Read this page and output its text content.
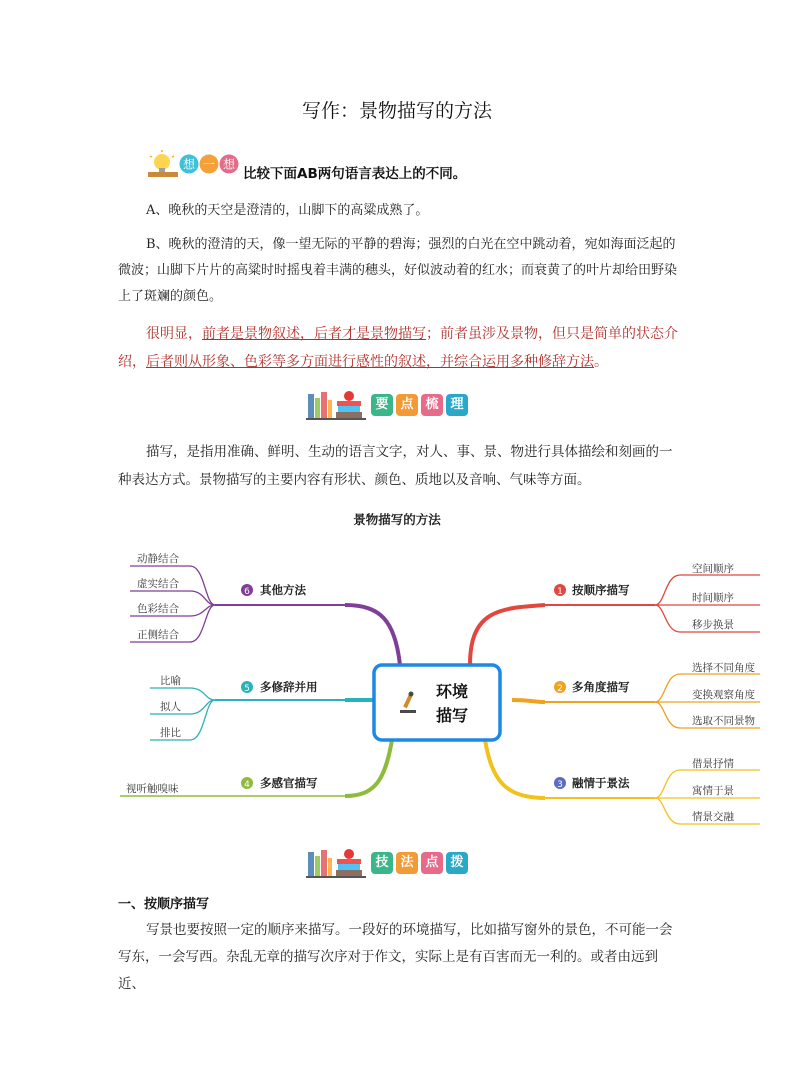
写作：景物描写的方法
想 一 想
比较下面AB两句语言表达上的不同。
A、晚秋的天空是澄清的，山脚下的高粱成熟了。
B、晚秋的澄清的天，像一望无际的平静的碧海；强烈的白光在空中跳动着，宛如海面泛起的微波；山脚下片片的高粱时时摇曳着丰满的穗头，好似波动着的红水；而衰黄了的叶片却给田野染上了斑斓的颜色。
很明显，前者是景物叙述，后者才是景物描写；前者虽涉及景物，但只是简单的状态介绍，后者则从形象、色彩等多方面进行感性的叙述，并综合运用多种修辞方法。
要 点 梳 理
描写，是指用准确、鲜明、生动的语言文字，对人、事、景、物进行具体描绘和刻画的一种表达方式。景物描写的主要内容有形状、颜色、质地以及音响、气味等方面。
景物描写的方法
1 按顺序描写
空间顺序
时间顺序
移步换景
2 多角度描写
选择不同角度
变换观察角度
选取不同景物
3 融情于景法
借景抒情
寓情于景
情景交融
4 多感官描写
视听触嗅味
5 多修辞并用
比喻
拟人
排比
6 其他方法
动静结合
虚实结合
色彩结合
正侧结合
环境
描写
技 法 点 拨
一、按顺序描写
写景也要按照一定的顺序来描写。一段好的环境描写，比如描写窗外的景色，不可能一会写东，一会写西。杂乱无章的描写次序对于作文，实际上是有百害而无一利的。或者由远到近、
